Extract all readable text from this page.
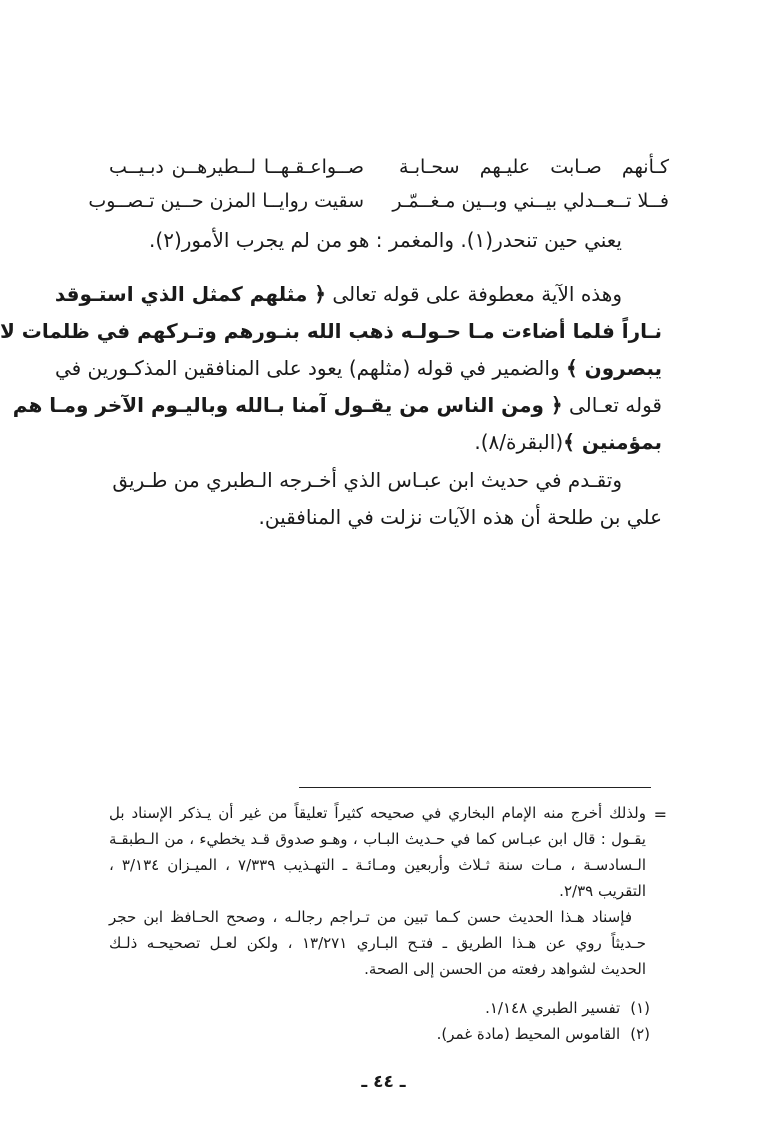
كـأنهم صـابت عليـهم سحـابـة
صــواعـقـهــا لــطيرهــن دبـيــب
فــلا تــعــدلي بيــني وبــين مـغــمّـر
سقيت روايــا المزن حــين تـصــوب
يعني حين تنحدر(١). والمغمر : هو من لم يجرب الأمور(٢).
وهذه الآية معطوفة على قوله تعالى ﴿ مثلهم كمثل الذي استـوقد
نـاراً فلما أضاءت مـا حـولـه ذهب الله بنـورهم وتـركهم في ظلمات لا
يبصرون ﴾ والضمير في قوله (مثلهم) يعود على المنافقين المذكـورين في
قوله تعـالى ﴿ ومن الناس من يقـول آمنا بـالله وباليـوم الآخر ومـا هم
بمؤمنين ﴾(البقرة/٨).
وتقـدم في حديث ابن عبـاس الذي أخـرجه الـطبري من طـريق
علي بن طلحة أن هذه الآيات نزلت في المنافقين.
=
ولذلك أخرج منه الإمام البخاري في صحيحه كثيراً تعليقاً من غير أن يـذكر الإسناد بل
يقـول : قال ابن عبـاس كما في حـديث البـاب ، وهـو صدوق قـد يخطيء ، من الـطبقـة
الـسادسـة ، مـات سنة ثـلاث وأربعين ومـائـة ـ التهـذيب ٧/٣٣٩ ، الميـزان ٣/١٣٤ ،
التقريب ٢/٣٩.
فإسناد هـذا الحديث حسن كـما تبين من تـراجم رجالـه ، وصحح الحـافظ ابن حجر
حـديثاً روي عن هـذا الطريق ـ فتـح البـاري ١٣/٢٧١ ، ولكن لعـل تصحيحـه ذلـك
الحديث لشواهد رفعته من الحسن إلى الصحة.
(١)
تفسير الطبري ١/١٤٨.
(٢)
القاموس المحيط (مادة غمر).
ـ ٤٤ ـ
